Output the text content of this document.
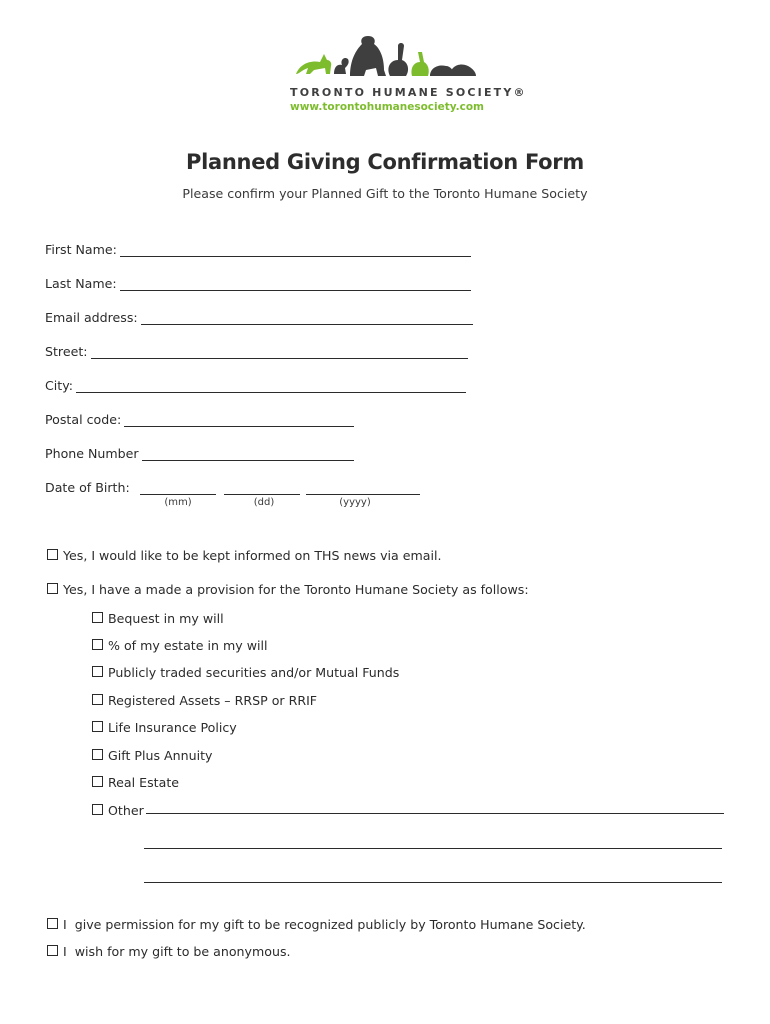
TORONTO HUMANE SOCIETY®
www.torontohumanesociety.com
Planned Giving Confirmation Form
Please confirm your Planned Gift to the Toronto Humane Society
First Name:
Last Name:
Email address:
Street:
City:
Postal code:
Phone Number
Date of Birth:
(mm)	(dd)	(yyyy)
Yes, I would like to be kept informed on THS news via email.
Yes, I have a made a provision for the Toronto Humane Society as follows:
Bequest in my will
% of my estate in my will
Publicly traded securities and/or Mutual Funds
Registered Assets – RRSP or RRIF
Life Insurance Policy
Gift Plus Annuity
Real Estate
Other
I  give permission for my gift to be recognized publicly by Toronto Humane Society.
I  wish for my gift to be anonymous.
